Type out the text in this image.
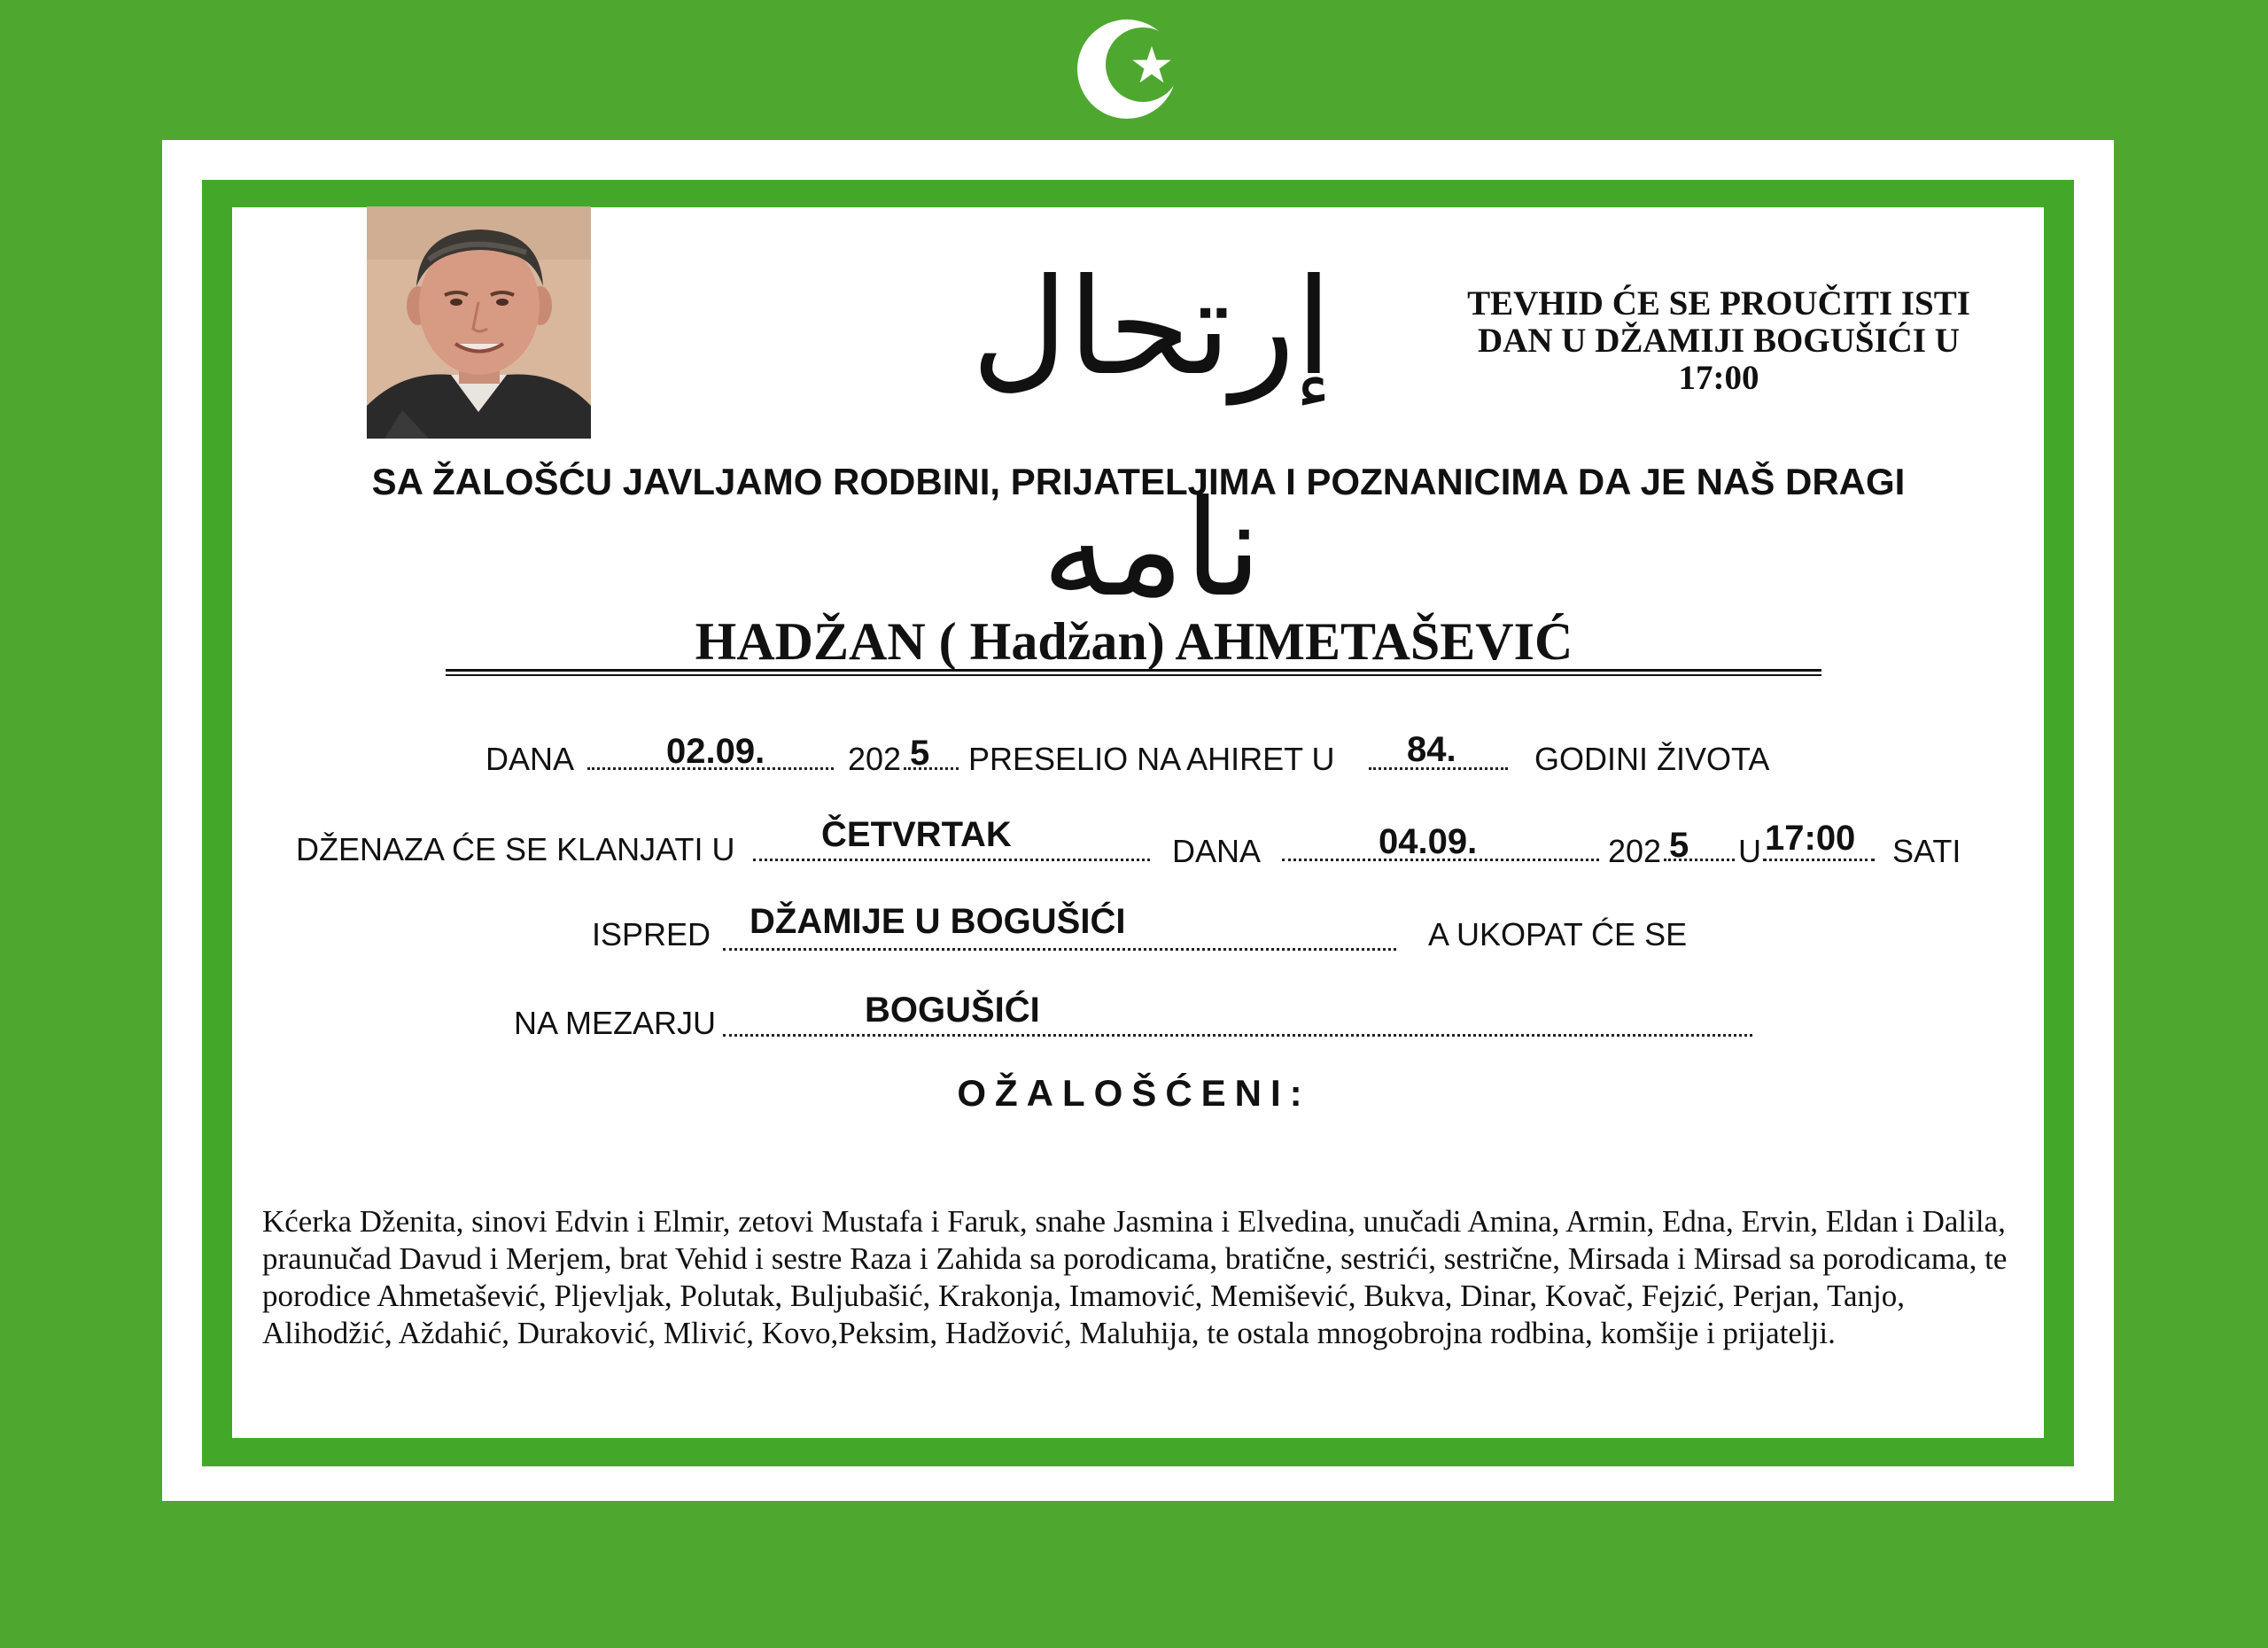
إرتحال نامه
TEVHID ĆE SE PROUČITI ISTI
DAN U DŽAMIJI BOGUŠIĆI U
17:00
SA ŽALOŠĆU JAVLJAMO RODBINI, PRIJATELJIMA I POZNANICIMA DA JE NAŠ DRAGI
HADŽAN ( Hadžan) AHMETAŠEVIĆ
DANA	02.09.	202 5 PRESELIO NA AHIRET U 84. GODINI ŽIVOTA
DŽENAZA ĆE SE KLANJATI U ČETVRTAK	DANA	04.09.	202 5 U 17:00 SATI
ISPRED DŽAMIJE U BOGUŠIĆI	A UKOPAT ĆE SE
NA MEZARJU	BOGUŠIĆI
OŽALOŠĆENI:
Kćerka Dženita, sinovi Edvin i Elmir, zetovi Mustafa i Faruk, snahe Jasmina i Elvedina, unučadi Amina, Armin, Edna, Ervin, Eldan i Dalila, praunučad Davud i Merjem, brat Vehid i sestre Raza i Zahida sa porodicama, bratične, sestrići, sestrične, Mirsada i Mirsad sa porodicama, te porodice Ahmetašević, Pljevljak, Polutak, Buljubašić, Krakonja, Imamović, Memišević, Bukva, Dinar, Kovač, Fejzić, Perjan, Tanjo, Alihodžić, Aždahić, Duraković, Mlivić, Kovo,Peksim, Hadžović, Maluhija, te ostala mnogobrojna rodbina, komšije i prijatelji.
